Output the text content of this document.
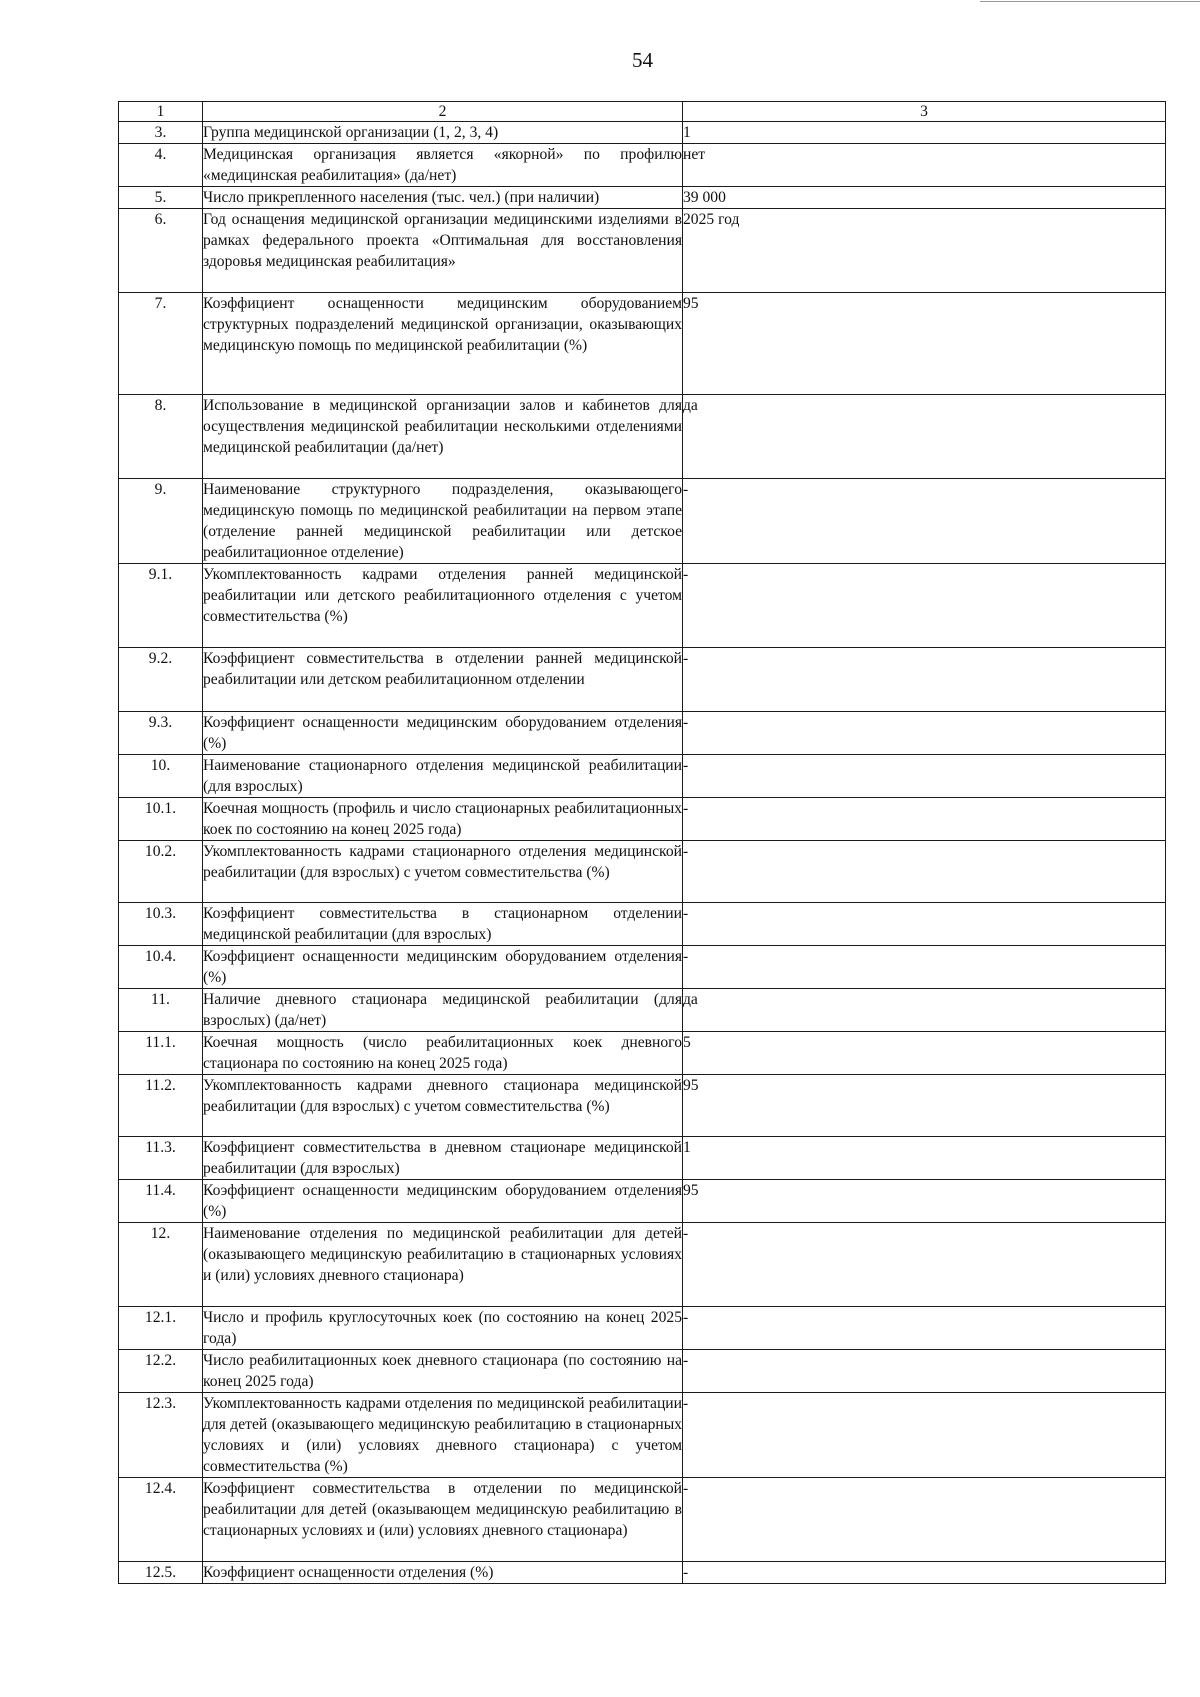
54
1	2	3
3.	Группа медицинской организации (1, 2, 3, 4)	1
4.	Медицинская организация является «якорной» по профилю «медицинская реабилитация» (да/нет)	нет
5.	Число прикрепленного населения (тыс. чел.) (при наличии)	39 000
6.	Год оснащения медицинской организации медицинскими изделиями в рамках федерального проекта «Оптимальная для восстановления здоровья медицинская реабилитация»	2025 год
7.	Коэффициент оснащенности медицинским оборудованием структурных подразделений медицинской организации, оказывающих медицинскую помощь по медицинской реабилитации (%)	95
8.	Использование в медицинской организации залов и кабинетов для осуществления медицинской реабилитации несколькими отделениями медицинской реабилитации (да/нет)	да
9.	Наименование структурного подразделения, оказывающего медицинскую помощь по медицинской реабилитации на первом этапе (отделение ранней медицинской реабилитации или детское реабилитационное отделение)	-
9.1.	Укомплектованность кадрами отделения ранней медицинской реабилитации или детского реабилитационного отделения с учетом совместительства (%)	-
9.2.	Коэффициент совместительства в отделении ранней медицинской реабилитации или детском реабилитационном отделении	-
9.3.	Коэффициент оснащенности медицинским оборудованием отделения (%)	-
10.	Наименование стационарного отделения медицинской реабилитации (для взрослых)	-
10.1.	Коечная мощность (профиль и число стационарных реабилитационных коек по состоянию на конец 2025 года)	-
10.2.	Укомплектованность кадрами стационарного отделения медицинской реабилитации (для взрослых) с учетом совместительства (%)	-
10.3.	Коэффициент совместительства в стационарном отделении медицинской реабилитации (для взрослых)	-
10.4.	Коэффициент оснащенности медицинским оборудованием отделения (%)	-
11.	Наличие дневного стационара медицинской реабилитации (для взрослых) (да/нет)	да
11.1.	Коечная мощность (число реабилитационных коек дневного стационара по состоянию на конец 2025 года)	5
11.2.	Укомплектованность кадрами дневного стационара медицинской реабилитации (для взрослых) с учетом совместительства (%)	95
11.3.	Коэффициент совместительства в дневном стационаре медицинской реабилитации (для взрослых)	1
11.4.	Коэффициент оснащенности медицинским оборудованием отделения (%)	95
12.	Наименование отделения по медицинской реабилитации для детей (оказывающего медицинскую реабилитацию в стационарных условиях и (или) условиях дневного стационара)	-
12.1.	Число и профиль круглосуточных коек (по состоянию на конец 2025 года)	-
12.2.	Число реабилитационных коек дневного стационара (по состоянию на конец 2025 года)	-
12.3.	Укомплектованность кадрами отделения по медицинской реабилитации для детей (оказывающего медицинскую реабилитацию в стационарных условиях и (или) условиях дневного стационара) с учетом совместительства (%)	-
12.4.	Коэффициент совместительства в отделении по медицинской реабилитации для детей (оказывающем медицинскую реабилитацию в стационарных условиях и (или) условиях дневного стационара)	-
12.5.	Коэффициент оснащенности отделения (%)	-
